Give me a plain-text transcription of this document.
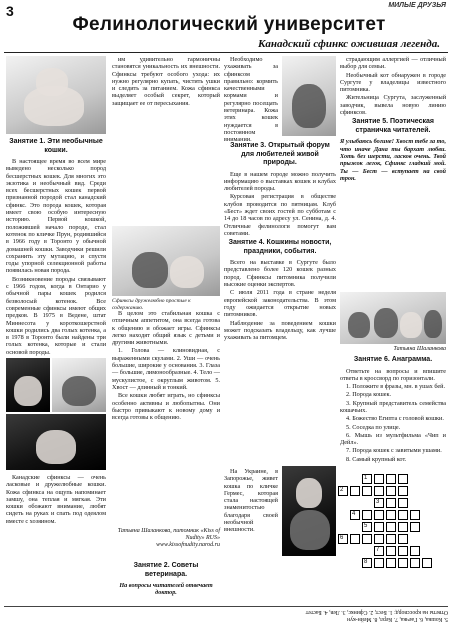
3	МИЛЫЕ ДРУЗЬЯ
Фелинологический университет
Канадский сфинкс ожившая легенда.
Занятие 1. Эти необычные кошки.

В настоящее время во всем мире выведено несколько пород бесшерстных кошек. Для многих это экзотика и необычный вид. Среди всех бесшерстных кошек первой признанной породой стал канадский сфинкс. Это порода кошек, которая имеет свою особую интересную историю. Первой кошкой, положившей начало породе, стал котенок по кличке Прун, родившийся в 1966 году в Торонто у обычной домашней кошки. Заводчики решили сохранить эту мутацию, и спустя годы упорной селекционной работы появилась новая порода.

Возникновение породы связывают с 1966 годом, когда в Онтарио у обычной пары кошек родился безволосый котенок. Все современные сфинксы имеют общих предков. В 1975 в Ведене, штат Миннесота у короткошерстной кошки родились два голых котенка, а в 1978 в Торонто были найдены три голых котенка, которые и стали основой породы.

Канадские сфинксы — очень ласковые и дружелюбные кошки. Кожа сфинкса на ощупь напоминает замшу, она теплая и мягкая. Эти кошки обожают внимание, любят сидеть на руках и спать под одеялом вместе с хозяином.

им удивительно гармоничны становятся уникальность их внешности. Сфинксы требуют особого ухода: их нужно регулярно купать, чистить ушки и следить за питанием. Кожа сфинкса выделяет особый секрет, который защищает ее от пересыхания.

Сфинксы дружелюбно простые к содержанию.

В целом это стабильная кошка с отличным аппетитом, она всегда готова к общению и обожает игры. Сфинксы легко находят общий язык с детьми и другими животными.

1. Голова — клиновидная, с выраженными скулами. 2. Уши — очень большие, широкие у основания. 3. Глаза — большие, лимонообразные. 4. Тело — мускулистое, с округлым животом. 5. Хвост — длинный и тонкий.

Все кошки любят играть, но сфинксы особенно активны и любопытны. Они быстро привыкают к новому дому и всегда готовы к общению.

Татьяна Шаланкова, питомник «Kiss of Nudity» RUS»
www.kissofnudity.narod.ru
Занятие 2. Советы ветеринара.

На вопросы читателей отвечает доктор.

Необходимо ухаживать за сфинксом правильно: кормить качественными кормами и регулярно посещать ветеринара. Кожа этих кошек нуждается в постоянном внимании.

Занятие 3. Открытый форум для любителей живой природы.

Еще в нашем городе можно получить информацию о выставках кошек и клубах любителей породы.

Курсовая регистрация в обществе клубов проводится по пятницам. Клуб «Бест» ждет своих гостей по субботам с 14 до 18 часов по адресу ул. Сенина, д. 4. Отличные фелинологи помогут вам советами.

Занятие 4. Кошкины новости, праздники, события.

Всего на выставке в Сургуте было представлено более 120 кошек разных пород. Сфинксы питомника получили высокие оценки экспертов.

С июля 2011 года в стране неделя европейской законодательства. В этом году ожидается открытие новых питомников.

Наблюдение за поведением кошки может подсказать владельцу, как лучше ухаживать за питомцем.

На Украине, в Запорожье, живет кошка по кличке Гермес, которая стала настоящей знаменитостью благодаря своей необычной внешности.

страдающим аллергией — отличный выбор для семьи.

Необычный кот обнаружен в городе Сургуте у владелицы известного питомника.

Жительница Сургута, заслуженный заводчик, вывела новую линию сфинксов.

Занятие 5. Поэтическая страничка читателей.

Я улыбаюсь богине! Хвост тебе за то, что иначе Дана ты бархат любви. Хоть без шерсти, ласков очень. Твой прыжок легок, Сфинкс гладкий мой. Ты — Бест — вступает на свой трон.

Татьяна Шаланкова
Занятие 6. Анаграмма.

Ответьте на вопросы и впишите ответы в кроссворд по горизонтали.

1. Положите в фразы, мн. в ушах бей.

2. Порода кошек.

3. Крупный представитель семейства кошачьих.

4. Божество Египта с головой кошки.

5. Соседка по улице.

6. Мышь из мультфильма «Чип и Дейл».

7. Порода кошек с завитыми ушами.

8. Самый крупный кот.

1
2
3
4
5
6
7
8
Ответы на кроссворд: 1. Бест, 2. Сфинкс, 3. Лев, 4. Бастет
5. Кошка, 6. Гаечка, 7. Керл, 8. Мейн-кун
